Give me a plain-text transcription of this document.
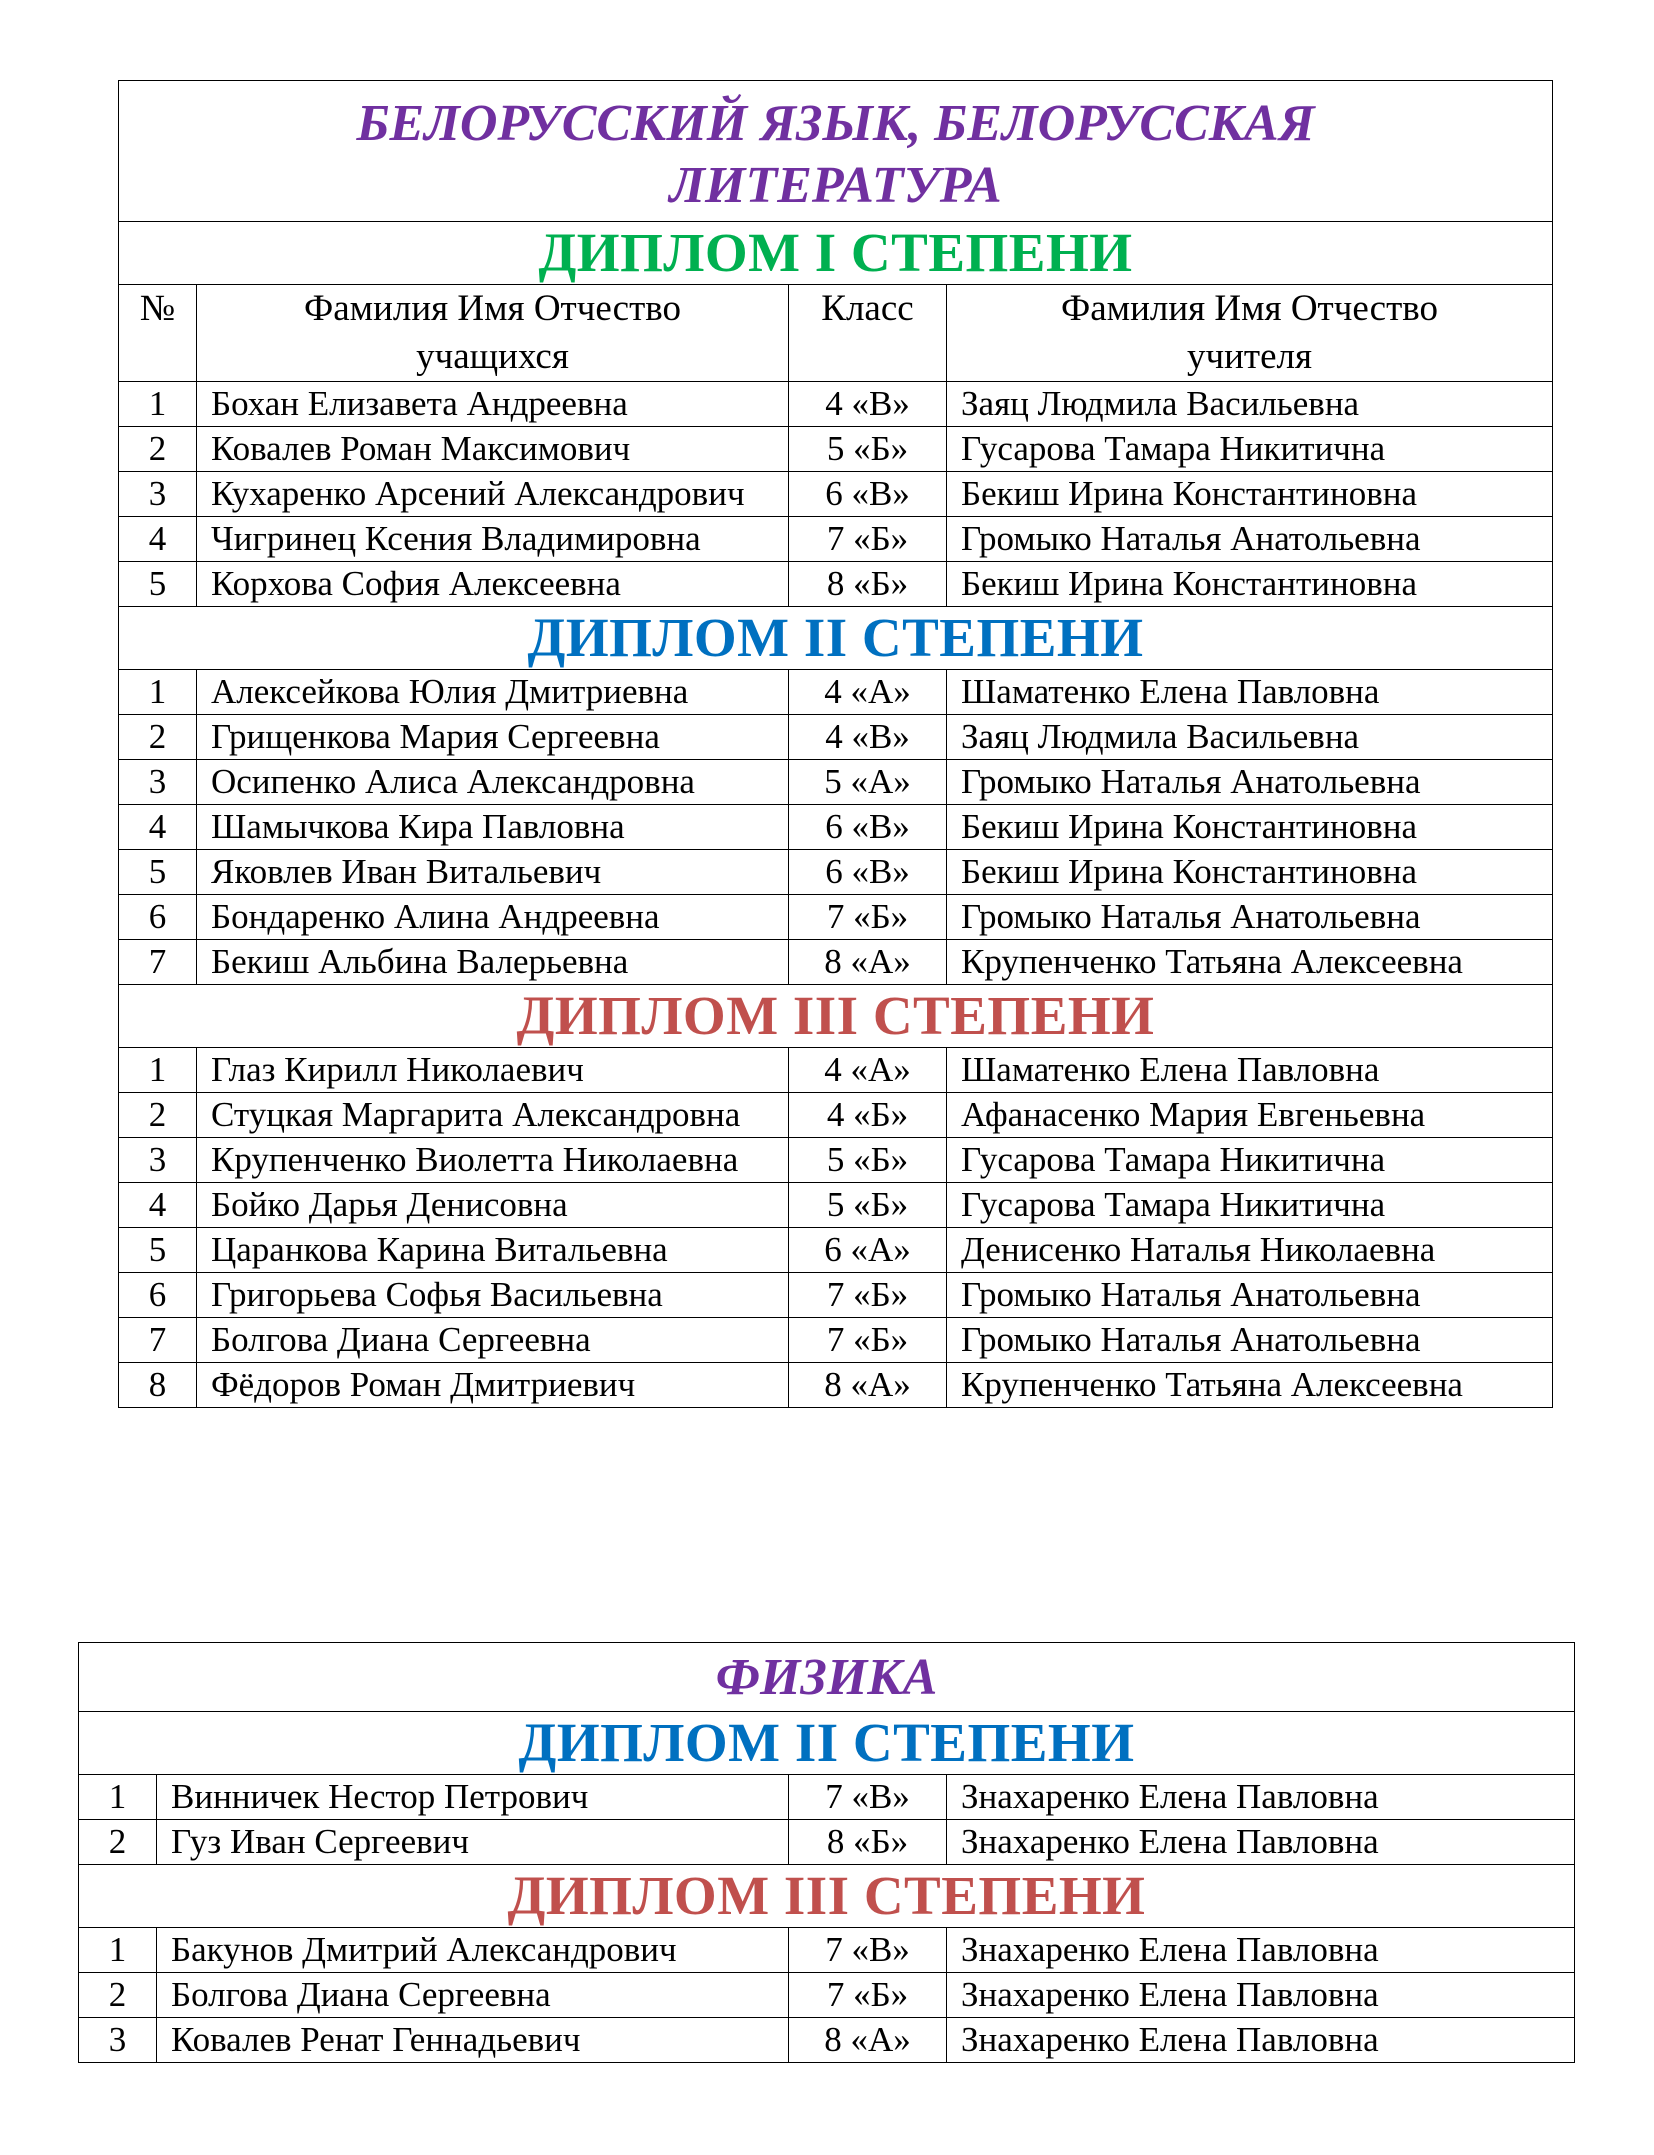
БЕЛОРУССКИЙ ЯЗЫК, БЕЛОРУССКАЯ ЛИТЕРАТУРА			
ДИПЛОМ I СТЕПЕНИ			
№	Фамилия Имя Отчество учащихся	Класс	Фамилия Имя Отчество учителя
1	Бохан Елизавета Андреевна	4 «В»	Заяц Людмила Васильевна
2	Ковалев Роман Максимович	5 «Б»	Гусарова Тамара Никитична
3	Кухаренко Арсений Александрович	6 «В»	Бекиш Ирина Константиновна
4	Чигринец Ксения Владимировна	7 «Б»	Громыко Наталья Анатольевна
5	Корхова София Алексеевна	8 «Б»	Бекиш Ирина Константиновна
ДИПЛОМ II СТЕПЕНИ			
1	Алексейкова Юлия Дмитриевна	4 «А»	Шаматенко Елена Павловна
2	Грищенкова Мария Сергеевна	4 «В»	Заяц Людмила Васильевна
3	Осипенко Алиса Александровна	5 «А»	Громыко Наталья Анатольевна
4	Шамычкова Кира Павловна	6 «В»	Бекиш Ирина Константиновна
5	Яковлев Иван Витальевич	6 «В»	Бекиш Ирина Константиновна
6	Бондаренко Алина Андреевна	7 «Б»	Громыко Наталья Анатольевна
7	Бекиш Альбина Валерьевна	8 «А»	Крупенченко Татьяна Алексеевна
ДИПЛОМ III СТЕПЕНИ			
1	Глаз Кирилл Николаевич	4 «А»	Шаматенко Елена Павловна
2	Стуцкая Маргарита Александровна	4 «Б»	Афанасенко Мария Евгеньевна
3	Крупенченко Виолетта Николаевна	5 «Б»	Гусарова Тамара Никитична
4	Бойко Дарья Денисовна	5 «Б»	Гусарова Тамара Никитична
5	Царанкова Карина Витальевна	6 «А»	Денисенко Наталья Николаевна
6	Григорьева Софья Васильевна	7 «Б»	Громыко Наталья Анатольевна
7	Болгова Диана Сергеевна	7 «Б»	Громыко Наталья Анатольевна
8	Фёдоров Роман Дмитриевич	8 «А»	Крупенченко Татьяна Алексеевна
ФИЗИКА			
ДИПЛОМ II СТЕПЕНИ			
1	Винничек Нестор Петрович	7 «В»	Знахаренко Елена Павловна
2	Гуз Иван Сергеевич	8 «Б»	Знахаренко Елена Павловна
ДИПЛОМ III СТЕПЕНИ			
1	Бакунов Дмитрий Александрович	7 «В»	Знахаренко Елена Павловна
2	Болгова Диана Сергеевна	7 «Б»	Знахаренко Елена Павловна
3	Ковалев Ренат Геннадьевич	8 «А»	Знахаренко Елена Павловна
